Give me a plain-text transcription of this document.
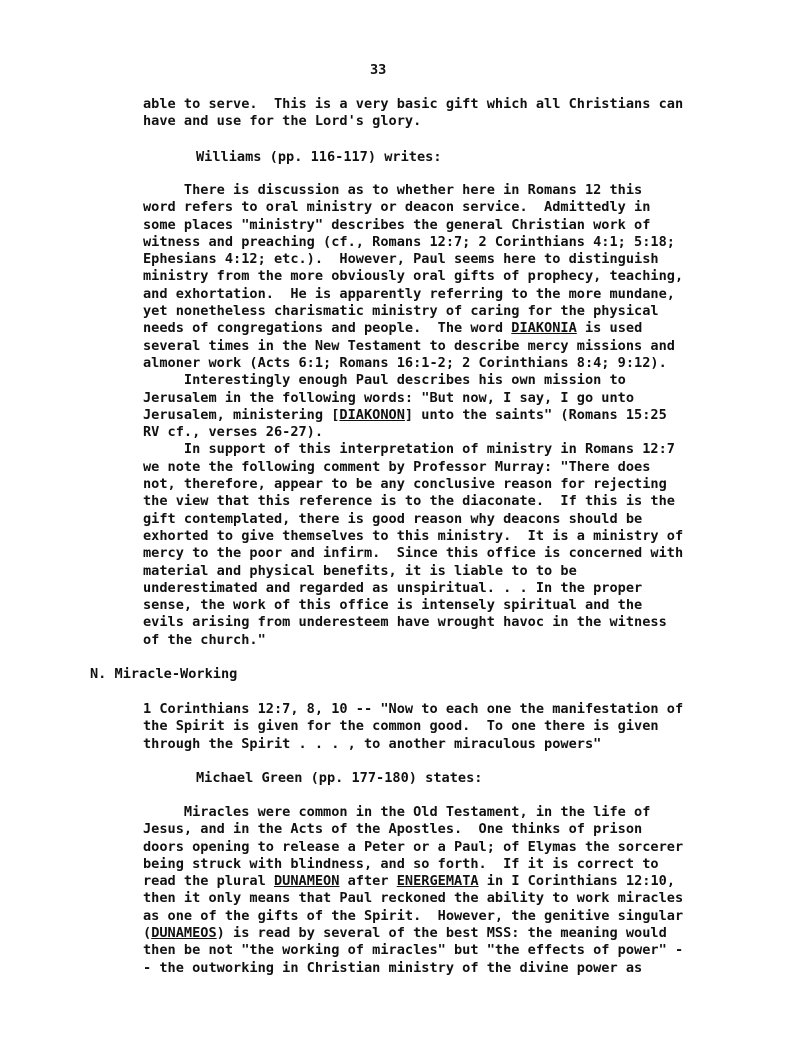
33
able to serve.  This is a very basic gift which all Christians can
have and use for the Lord's glory.
Williams (pp. 116-117) writes:
There is discussion as to whether here in Romans 12 this
word refers to oral ministry or deacon service.  Admittedly in
some places "ministry" describes the general Christian work of
witness and preaching (cf., Romans 12:7; 2 Corinthians 4:1; 5:18;
Ephesians 4:12; etc.).  However, Paul seems here to distinguish
ministry from the more obviously oral gifts of prophecy, teaching,
and exhortation.  He is apparently referring to the more mundane,
yet nonetheless charismatic ministry of caring for the physical
needs of congregations and people.  The word DIAKONIA is used
several times in the New Testament to describe mercy missions and
almoner work (Acts 6:1; Romans 16:1-2; 2 Corinthians 8:4; 9:12).
Interestingly enough Paul describes his own mission to
Jerusalem in the following words: "But now, I say, I go unto
Jerusalem, ministering [DIAKONON] unto the saints" (Romans 15:25
RV cf., verses 26-27).
In support of this interpretation of ministry in Romans 12:7
we note the following comment by Professor Murray: "There does
not, therefore, appear to be any conclusive reason for rejecting
the view that this reference is to the diaconate.  If this is the
gift contemplated, there is good reason why deacons should be
exhorted to give themselves to this ministry.  It is a ministry of
mercy to the poor and infirm.  Since this office is concerned with
material and physical benefits, it is liable to to be
underestimated and regarded as unspiritual. . . In the proper
sense, the work of this office is intensely spiritual and the
evils arising from underesteem have wrought havoc in the witness
of the church."
N. Miracle-Working
1 Corinthians 12:7, 8, 10 -- "Now to each one the manifestation of
the Spirit is given for the common good.  To one there is given
through the Spirit . . . , to another miraculous powers"
Michael Green (pp. 177-180) states:
Miracles were common in the Old Testament, in the life of
Jesus, and in the Acts of the Apostles.  One thinks of prison
doors opening to release a Peter or a Paul; of Elymas the sorcerer
being struck with blindness, and so forth.  If it is correct to
read the plural DUNAMEON after ENERGEMATA in I Corinthians 12:10,
then it only means that Paul reckoned the ability to work miracles
as one of the gifts of the Spirit.  However, the genitive singular
(DUNAMEOS) is read by several of the best MSS: the meaning would
then be not "the working of miracles" but "the effects of power" -
- the outworking in Christian ministry of the divine power as
